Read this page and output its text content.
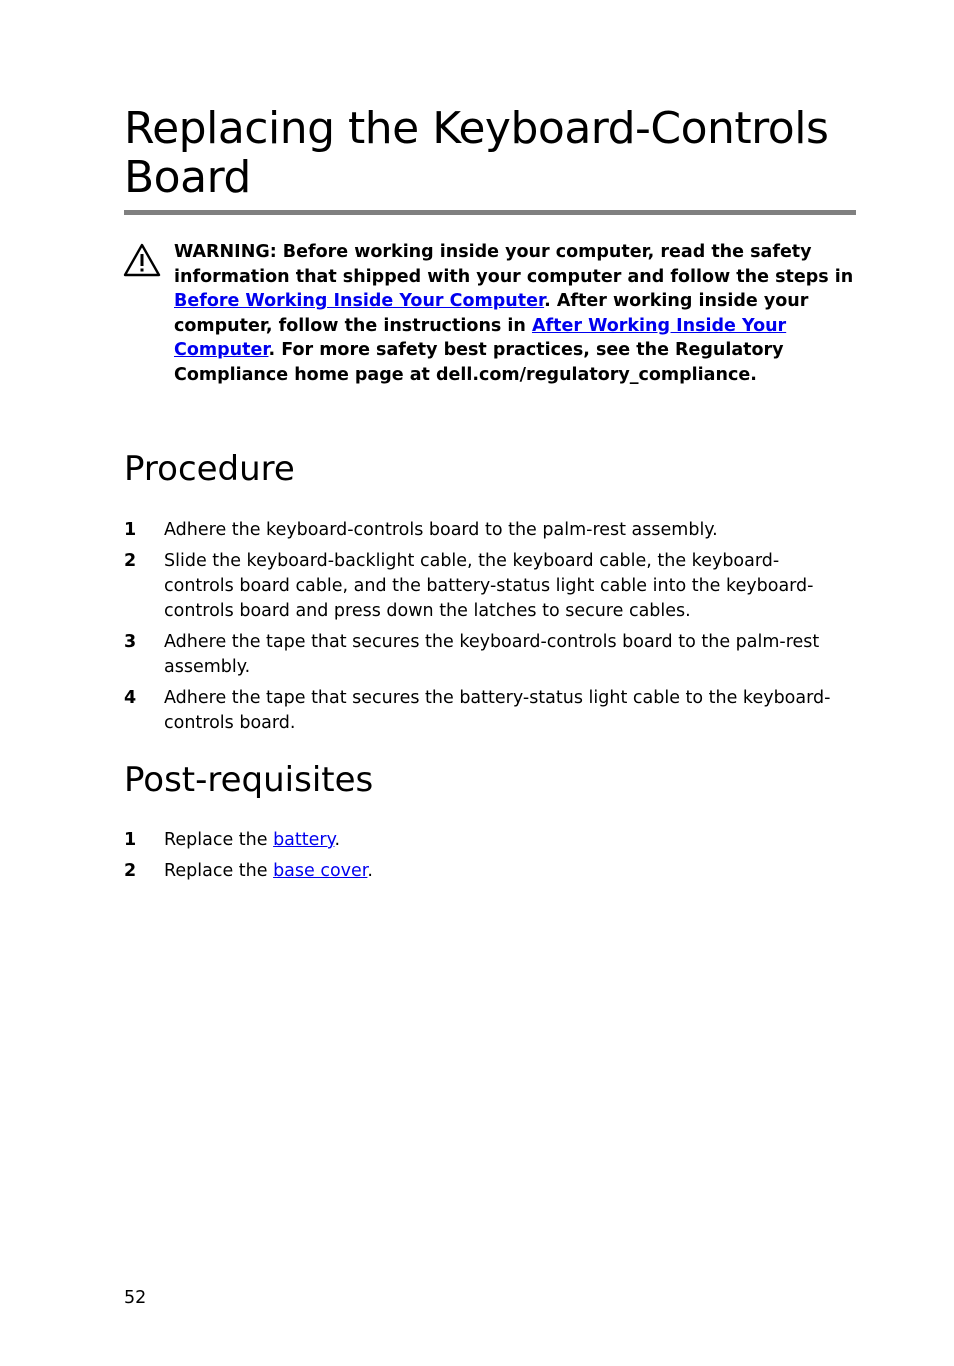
Replacing the Keyboard-Controls Board
WARNING: Before working inside your computer, read the safety information that shipped with your computer and follow the steps in Before Working Inside Your Computer. After working inside your computer, follow the instructions in After Working Inside Your Computer. For more safety best practices, see the Regulatory Compliance home page at dell.com/regulatory_compliance.
Procedure
1 Adhere the keyboard-controls board to the palm-rest assembly.
2 Slide the keyboard-backlight cable, the keyboard cable, the keyboard-controls board cable, and the battery-status light cable into the keyboard-controls board and press down the latches to secure cables.
3 Adhere the tape that secures the keyboard-controls board to the palm-rest assembly.
4 Adhere the tape that secures the battery-status light cable to the keyboard-controls board.
Post-requisites
1 Replace the battery.
2 Replace the base cover.
52
